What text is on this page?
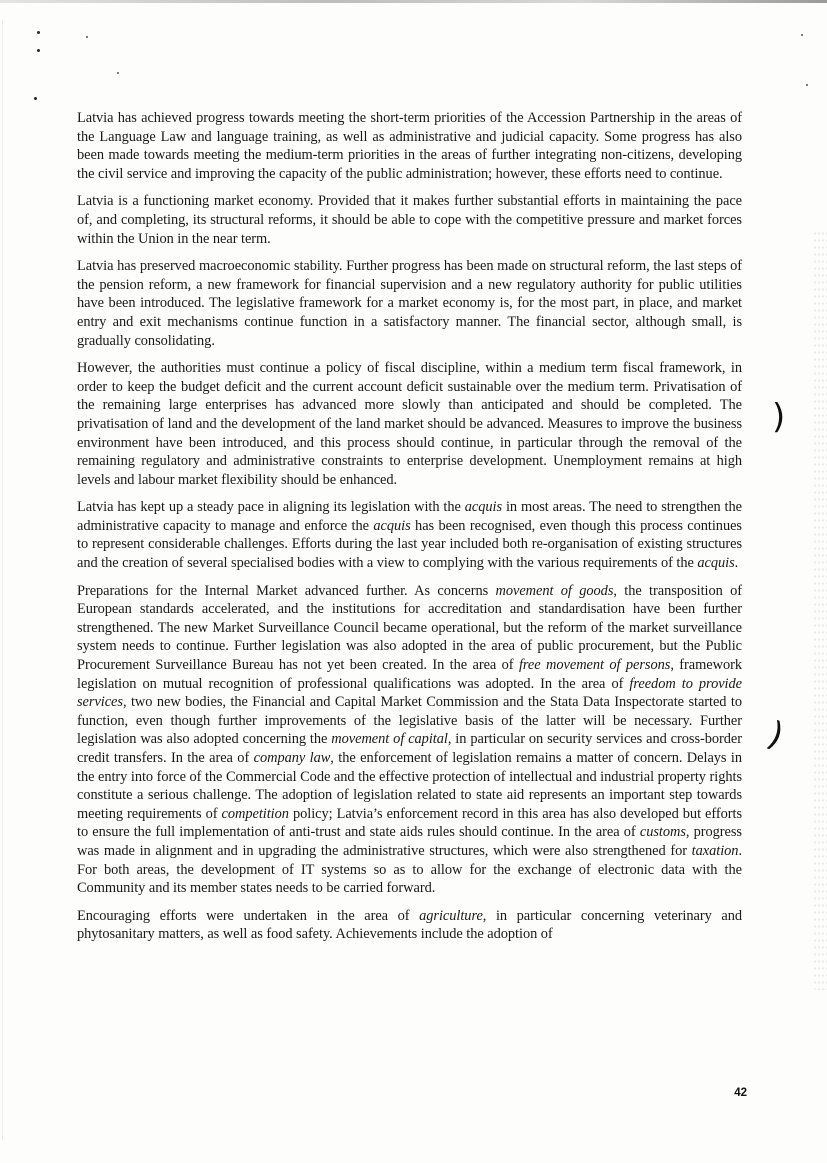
)
)

Latvia has achieved progress towards meeting the short-term priorities of the Accession Partnership in the areas of the Language Law and language training, as well as administrative and judicial capacity. Some progress has also been made towards meeting the medium-term priorities in the areas of further integrating non-citizens, developing the civil service and improving the capacity of the public administration; however, these efforts need to continue.

Latvia is a functioning market economy. Provided that it makes further substantial efforts in maintaining the pace of, and completing, its structural reforms, it should be able to cope with the competitive pressure and market forces within the Union in the near term.

Latvia has preserved macroeconomic stability. Further progress has been made on structural reform, the last steps of the pension reform, a new framework for financial supervision and a new regulatory authority for public utilities have been introduced. The legislative framework for a market economy is, for the most part, in place, and market entry and exit mechanisms continue function in a satisfactory manner. The financial sector, although small, is gradually consolidating.

However, the authorities must continue a policy of fiscal discipline, within a medium term fiscal framework, in order to keep the budget deficit and the current account deficit sustainable over the medium term. Privatisation of the remaining large enterprises has advanced more slowly than anticipated and should be completed. The privatisation of land and the development of the land market should be advanced. Measures to improve the business environment have been introduced, and this process should continue, in particular through the removal of the remaining regulatory and administrative constraints to enterprise development. Unemployment remains at high levels and labour market flexibility should be enhanced.

Latvia has kept up a steady pace in aligning its legislation with the acquis in most areas. The need to strengthen the administrative capacity to manage and enforce the acquis has been recognised, even though this process continues to represent considerable challenges. Efforts during the last year included both re-organisation of existing structures and the creation of several specialised bodies with a view to complying with the various requirements of the acquis.

Preparations for the Internal Market advanced further. As concerns movement of goods, the transposition of European standards accelerated, and the institutions for accreditation and standardisation have been further strengthened. The new Market Surveillance Council became operational, but the reform of the market surveillance system needs to continue. Further legislation was also adopted in the area of public procurement, but the Public Procurement Surveillance Bureau has not yet been created. In the area of free movement of persons, framework legislation on mutual recognition of professional qualifications was adopted. In the area of freedom to provide services, two new bodies, the Financial and Capital Market Commission and the Stata Data Inspectorate started to function, even though further improvements of the legislative basis of the latter will be necessary. Further legislation was also adopted concerning the movement of capital, in particular on security services and cross-border credit transfers. In the area of company law, the enforcement of legislation remains a matter of concern. Delays in the entry into force of the Commercial Code and the effective protection of intellectual and industrial property rights constitute a serious challenge. The adoption of legislation related to state aid represents an important step towards meeting requirements of competition policy; Latvia’s enforcement record in this area has also developed but efforts to ensure the full implementation of anti-trust and state aids rules should continue. In the area of customs, progress was made in alignment and in upgrading the administrative structures, which were also strengthened for taxation. For both areas, the development of IT systems so as to allow for the exchange of electronic data with the Community and its member states needs to be carried forward.

Encouraging efforts were undertaken in the area of agriculture, in particular concerning veterinary and phytosanitary matters, as well as food safety. Achievements include the adoption of

42
